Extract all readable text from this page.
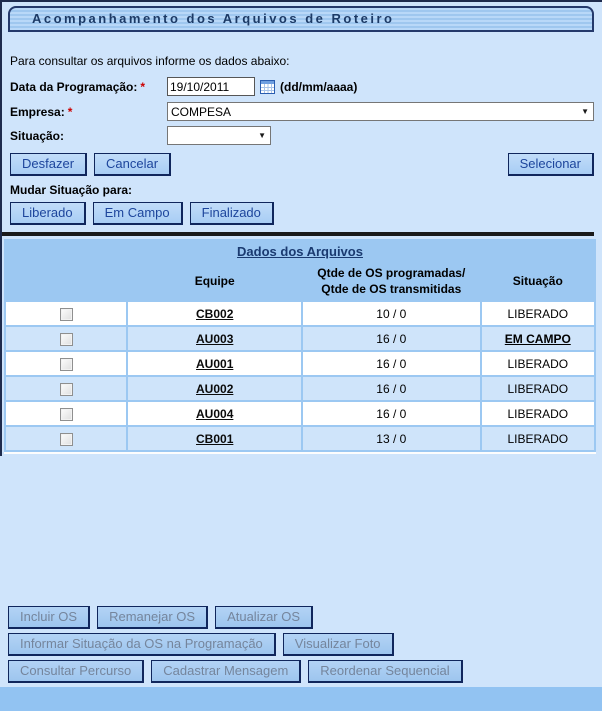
Acompanhamento dos Arquivos de Roteiro
Para consultar os arquivos informe os dados abaixo:
Data da Programação: *
19/10/2011	(dd/mm/aaaa)
Empresa: *	COMPESA	▼
Situação:	▼
Desfazer	Cancelar	Selecionar
Mudar Situação para:
Liberado	Em Campo	Finalizado
Dados dos Arquivos			
	Equipe	Qtde de OS programadas/
Qtde de OS transmitidas	Situação
	CB002	10 / 0	LIBERADO
	AU003	16 / 0	EM CAMPO
	AU001	16 / 0	LIBERADO
	AU002	16 / 0	LIBERADO
	AU004	16 / 0	LIBERADO
	CB001	13 / 0	LIBERADO
Incluir OS	Remanejar OS	Atualizar OS
Informar Situação da OS na Programação	Visualizar Foto
Consultar Percurso	Cadastrar Mensagem	Reordenar Sequencial
